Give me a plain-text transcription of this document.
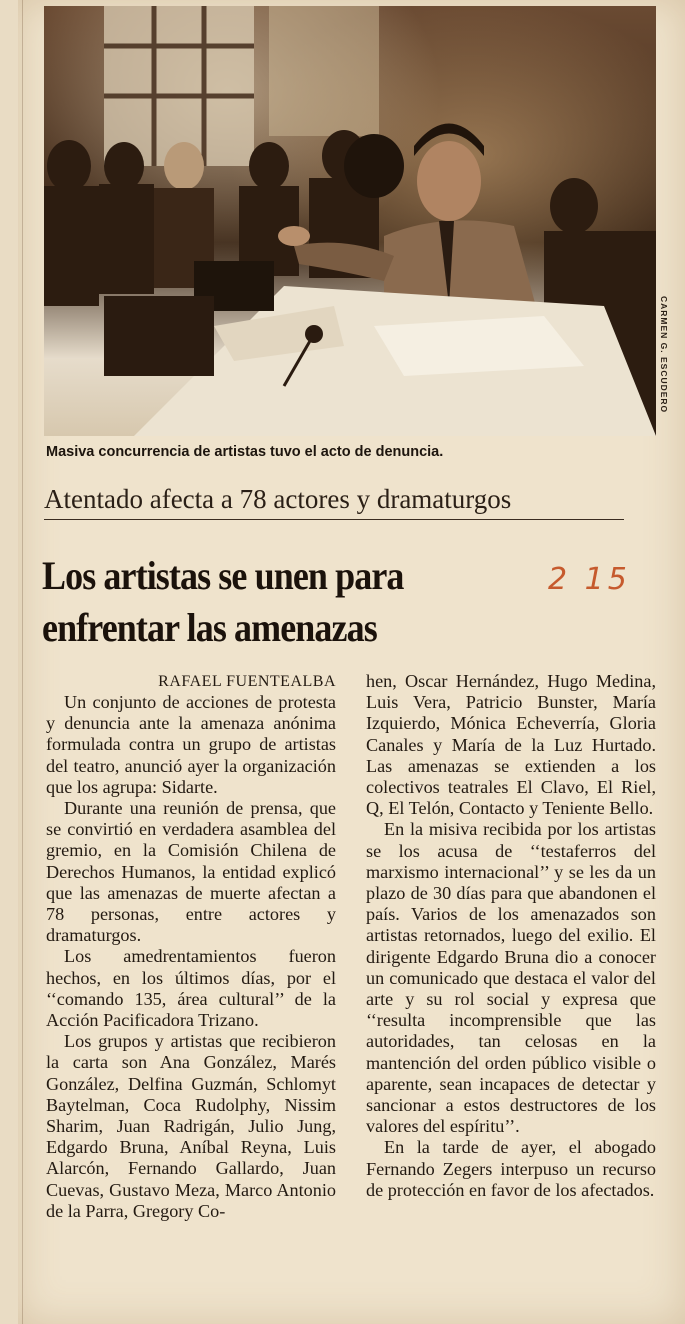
CARMEN G. ESCUDERO
Masiva concurrencia de artistas tuvo el acto de denuncia.
Atentado afecta a 78 actores y dramaturgos
Los artistas se unen para
enfrentar las amenazas
2 15
RAFAEL FUENTEALBA

Un conjunto de acciones de protesta y denuncia ante la amenaza anónima formulada contra un grupo de artistas del teatro, anunció ayer la organización que los agrupa: Sidarte.

Durante una reunión de prensa, que se convirtió en verdadera asamblea del gremio, en la Comisión Chilena de Derechos Humanos, la entidad explicó que las amenazas de muerte afectan a 78 personas, entre actores y dramaturgos.

Los amedrentamientos fueron hechos, en los últimos días, por el ‘‘comando 135, área cultural’’ de la Acción Pacificadora Trizano.

Los grupos y artistas que recibieron la carta son Ana González, Marés González, Delfina Guzmán, Schlomyt Baytelman, Coca Rudolphy, Nissim Sharim, Juan Radrigán, Julio Jung, Edgardo Bruna, Aníbal Reyna, Luis Alarcón, Fernando Gallardo, Juan Cuevas, Gustavo Meza, Marco Antonio de la Parra, Gregory Co-

hen, Oscar Hernández, Hugo Medina, Luis Vera, Patricio Bunster, María Izquierdo, Mónica Echeverría, Gloria Canales y María de la Luz Hurtado. Las amenazas se extienden a los colectivos teatrales El Clavo, El Riel, Q, El Telón, Contacto y Teniente Bello.

En la misiva recibida por los artistas se los acusa de ‘‘testaferros del marxismo internacional’’ y se les da un plazo de 30 días para que abandonen el país. Varios de los amenazados son artistas retornados, luego del exilio. El dirigente Edgardo Bruna dio a conocer un comunicado que destaca el valor del arte y su rol social y expresa que ‘‘resulta incomprensible que las autoridades, tan celosas en la mantención del orden público visible o aparente, sean incapaces de detectar y sancionar a estos destructores de los valores del espíritu’’.

En la tarde de ayer, el abogado Fernando Zegers interpuso un recurso de protección en favor de los afectados.
